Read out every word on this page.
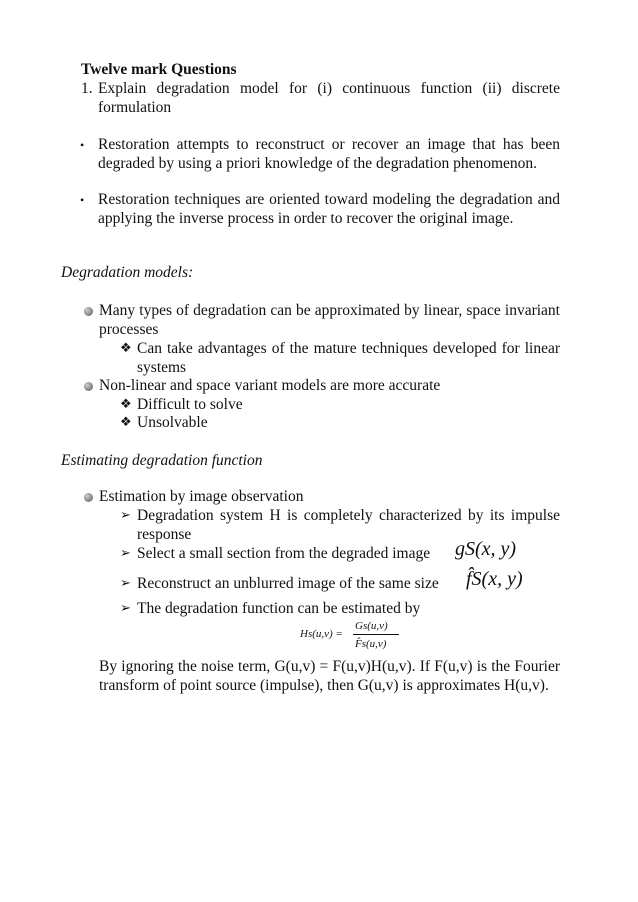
Twelve mark Questions
1. Explain degradation model for (i) continuous function (ii) discrete formulation
• Restoration attempts to reconstruct or recover an image that has been degraded by using a priori knowledge of the degradation phenomenon.
• Restoration techniques are oriented toward modeling the degradation and applying the inverse process in order to recover the original image.
Degradation models:
Many types of degradation can be approximated by linear, space invariant processes
❖ Can take advantages of the mature techniques developed for linear systems
Non-linear and space variant models are more accurate
❖ Difficult to solve
❖ Unsolvable
Estimating degradation function
Estimation by image observation
➢ Degradation system H is completely characterized by its impulse response
➢ Select a small section from the degraded image gS(x, y)
➢ Reconstruct an unblurred image of the same size f̂S(x, y)
➢ The degradation function can be estimated by
Hs(u,v) =
Gs(u,v)
F̂s(u,v)
By ignoring the noise term, G(u,v) = F(u,v)H(u,v). If F(u,v) is the Fourier transform of point source (impulse), then G(u,v) is approximates H(u,v).
